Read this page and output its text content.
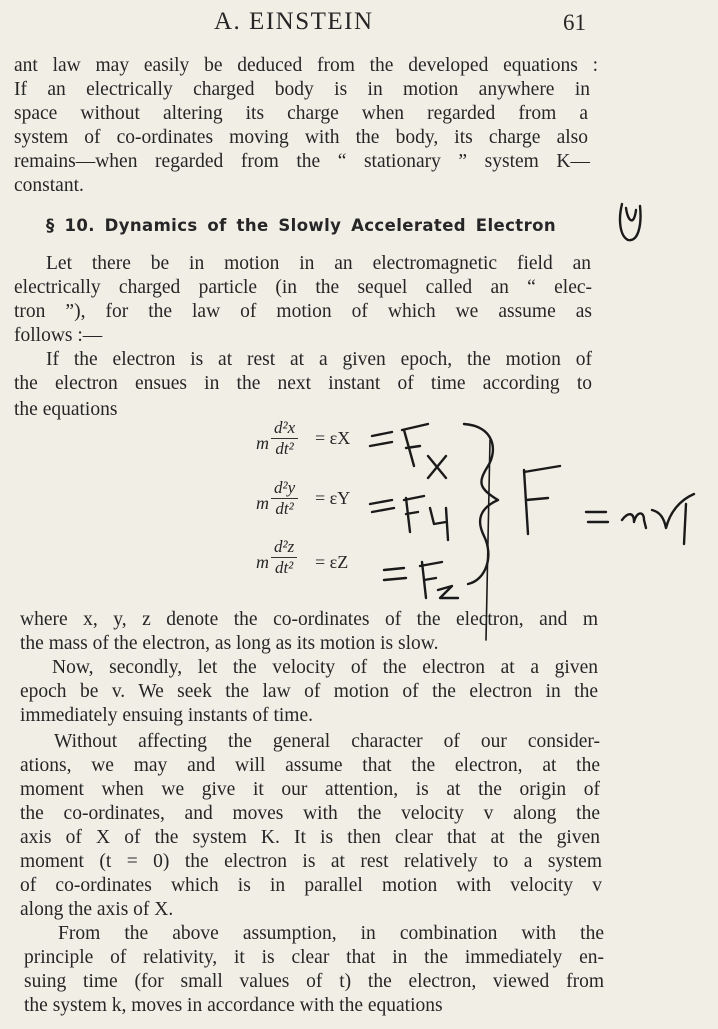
A. EINSTEIN	61
ant law may easily be deduced from the developed equations :
If an electrically charged body is in motion anywhere in
space without altering its charge when regarded from a
system of co-ordinates moving with the body, its charge also
remains—when regarded from the “ stationary ” system K—
constant.
§ 10. Dynamics of the Slowly Accelerated Electron
Let there be in motion in an electromagnetic field an
electrically charged particle (in the sequel called an “ elec-
tron ”), for the law of motion of which we assume as
follows :—
If the electron is at rest at a given epoch, the motion of
the electron ensues in the next instant of time according to
the equations
m $\frac{\text{d²x}}{\text{dt²}} = \varepsilon X$
m $\frac{\text{d²y}}{\text{dt²}} = \varepsilon Y$
m $\frac{\text{d²z}}{\text{dt²}} = \varepsilon Z$
where x, y, z denote the co-ordinates of the electron, and m
the mass of the electron, as long as its motion is slow.
Now, secondly, let the velocity of the electron at a given
epoch be v. We seek the law of motion of the electron in the
immediately ensuing instants of time.
Without affecting the general character of our consider-
ations, we may and will assume that the electron, at the
moment when we give it our attention, is at the origin of
the co-ordinates, and moves with the velocity v along the
axis of X of the system K. It is then clear that at the given
moment (t = 0) the electron is at rest relatively to a system
of co-ordinates which is in parallel motion with velocity v
along the axis of X.
From the above assumption, in combination with the
principle of relativity, it is clear that in the immediately en-
suing time (for small values of t) the electron, viewed from
the system k, moves in accordance with the equations
